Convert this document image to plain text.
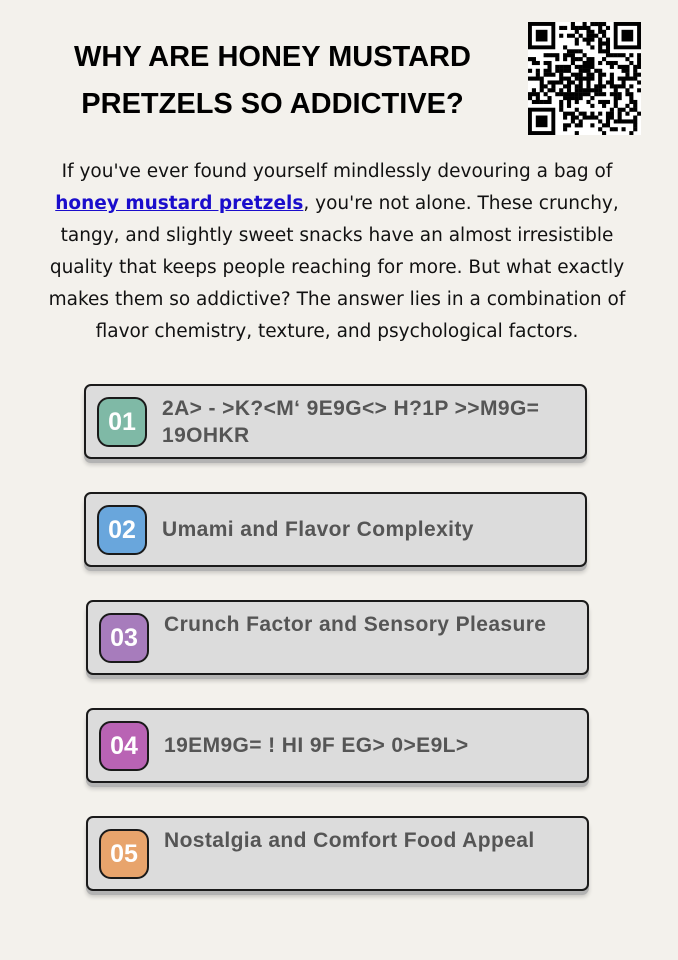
WHY ARE HONEY MUSTARD
PRETZELS SO ADDICTIVE?

If you've ever found yourself mindlessly devouring a bag of honey mustard pretzels, you're not alone. These crunchy, tangy, and slightly sweet snacks have an almost irresistible quality that keeps people reaching for more. But what exactly makes them so addictive? The answer lies in a combination of flavor chemistry, texture, and psychological factors.

01	2A> - >K?<M‘ 9E9G<> H?1P >>M9G= 19OHKR
02	Umami and Flavor Complexity
03	Crunch Factor and Sensory Pleasure
04	19EM9G= ! HI 9F EG> 0>E9L>
05	Nostalgia and Comfort Food Appeal
